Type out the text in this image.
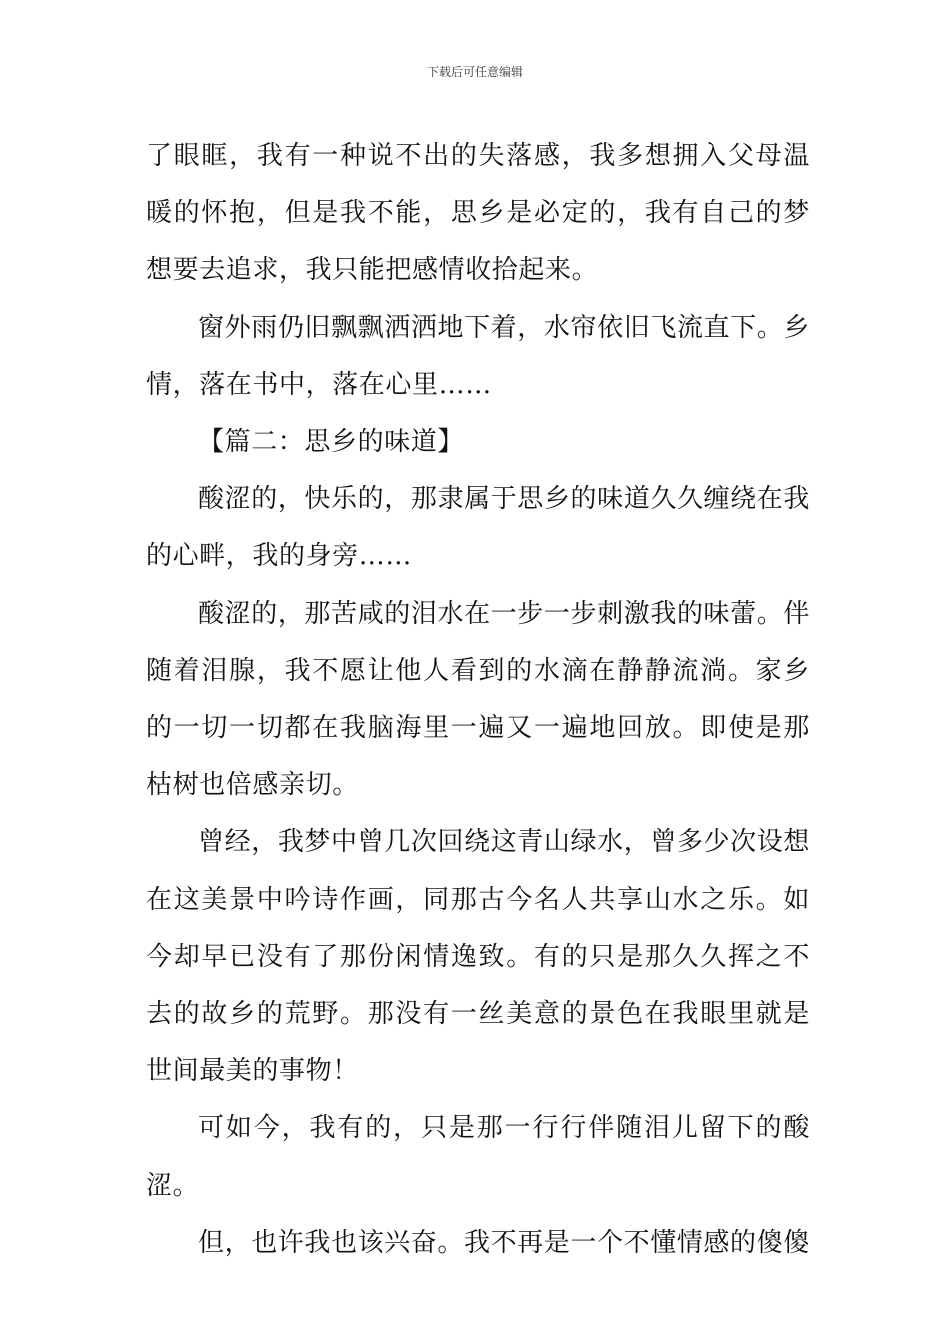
下载后可任意编辑

了眼眶，我有一种说不出的失落感，我多想拥入父母温暖的怀抱，但是我不能，思乡是必定的，我有自己的梦想要去追求，我只能把感情收拾起来。

窗外雨仍旧飘飘洒洒地下着，水帘依旧飞流直下。乡情，落在书中，落在心里……

【篇二：思乡的味道】

酸涩的，快乐的，那隶属于思乡的味道久久缠绕在我的心畔，我的身旁……

酸涩的，那苦咸的泪水在一步一步刺激我的味蕾。伴随着泪腺，我不愿让他人看到的水滴在静静流淌。家乡的一切一切都在我脑海里一遍又一遍地回放。即使是那枯树也倍感亲切。

曾经，我梦中曾几次回绕这青山绿水，曾多少次设想在这美景中吟诗作画，同那古今名人共享山水之乐。如今却早已没有了那份闲情逸致。有的只是那久久挥之不去的故乡的荒野。那没有一丝美意的景色在我眼里就是世间最美的事物！

可如今，我有的，只是那一行行伴随泪儿留下的酸涩。

但，也许我也该兴奋。我不再是一个不懂情感的傻傻
